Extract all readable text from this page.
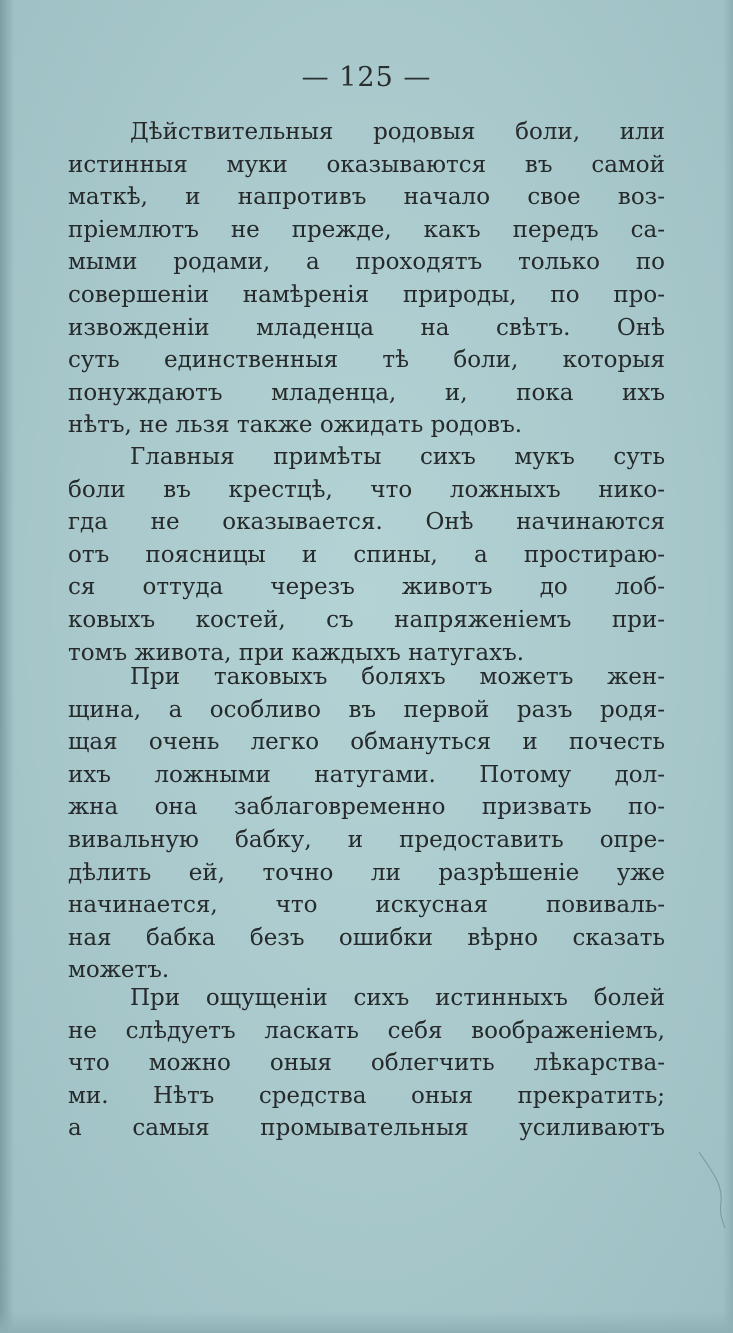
— 125 —
Дѣйствительныя родовыя боли, или
истинныя муки оказываются въ самой
маткѣ, и напротивъ начало свое воз-
пріемлютъ не прежде, какъ передъ са-
мыми родами, а проходятъ только по
совершеніи намѣренія природы, по про-
извожденіи младенца на свѣтъ. Онѣ
суть единственныя тѣ боли, которыя
понуждаютъ младенца, и, пока ихъ
нѣтъ, не льзя также ожидать родовъ.
Главныя примѣты сихъ мукъ суть
боли въ крестцѣ, что ложныхъ нико-
гда не оказывается. Онѣ начинаются
отъ поясницы и спины, а простираю-
ся оттуда черезъ животъ до лоб-
ковыхъ костей, съ напряженіемъ при-
томъ живота, при каждыхъ натугахъ.
При таковыхъ боляхъ можетъ жен-
щина, а особливо въ первой разъ родя-
щая очень легко обмануться и почесть
ихъ ложными натугами. Потому дол-
жна она заблаговременно призвать по-
вивальную бабку, и предоставить опре-
дѣлить ей, точно ли разрѣшеніе уже
начинается, что искусная повиваль-
ная бабка безъ ошибки вѣрно сказать
можетъ.
При ощущеніи сихъ истинныхъ болей
не слѣдуетъ ласкать себя воображеніемъ,
что можно оныя облегчить лѣкарства-
ми. Нѣтъ средства оныя прекратить;
а самыя промывательныя усиливаютъ
